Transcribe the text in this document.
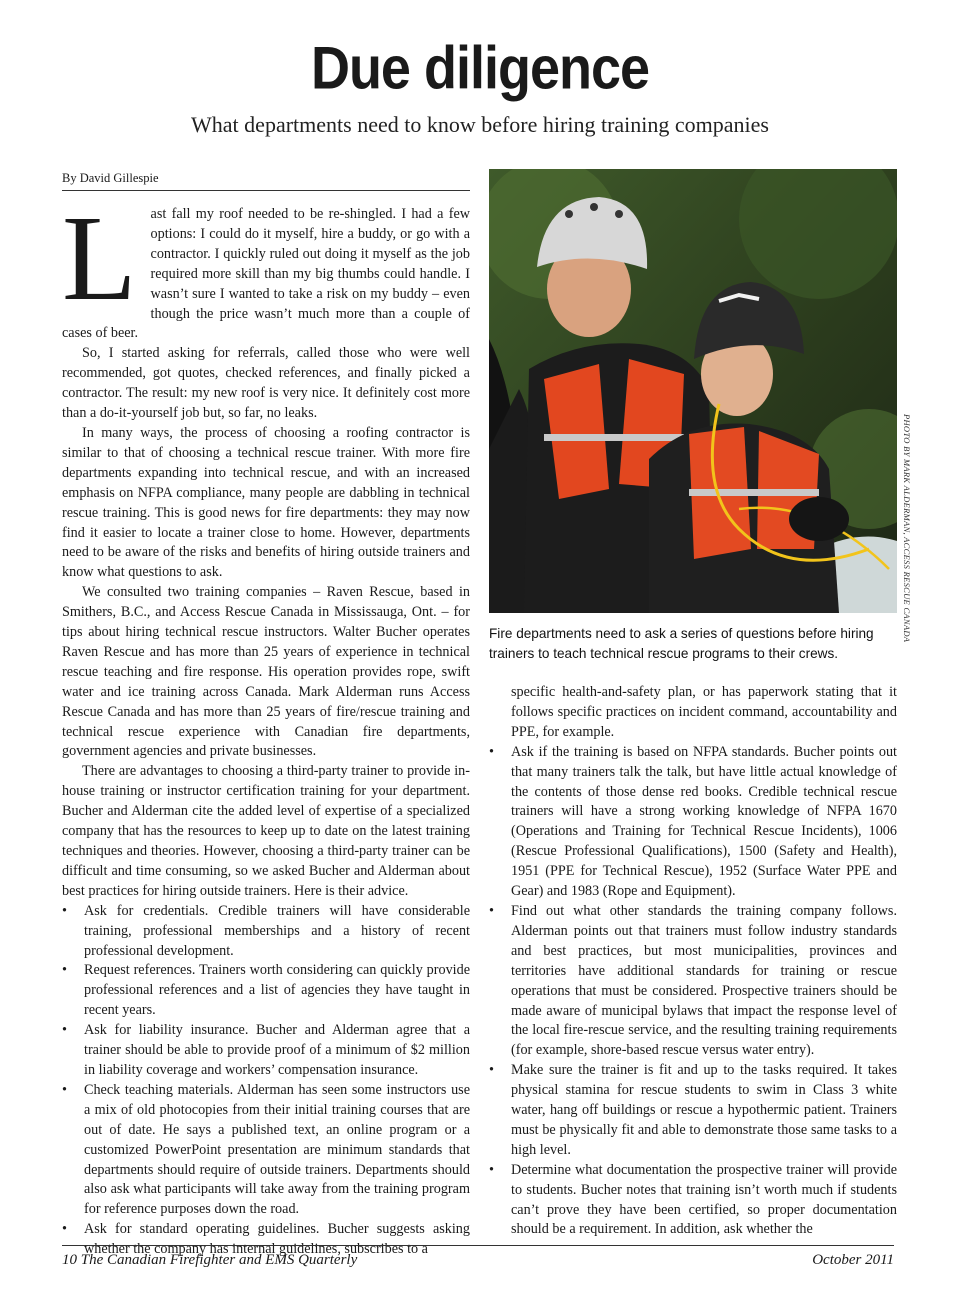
Due diligence
What departments need to know before hiring training companies
By David Gillespie

Last fall my roof needed to be re-shingled. I had a few options: I could do it myself, hire a buddy, or go with a contractor. I quickly ruled out doing it myself as the job required more skill than my big thumbs could handle. I wasn’t sure I wanted to take a risk on my buddy – even though the price wasn’t much more than a couple of cases of beer.

So, I started asking for referrals, called those who were well recommended, got quotes, checked references, and finally picked a contractor. The result: my new roof is very nice. It definitely cost more than a do-it-yourself job but, so far, no leaks.

In many ways, the process of choosing a roofing contractor is similar to that of choosing a technical rescue trainer. With more fire departments expanding into technical rescue, and with an increased emphasis on NFPA compliance, many people are dabbling in technical rescue training. This is good news for fire departments: they may now find it easier to locate a trainer close to home. However, departments need to be aware of the risks and benefits of hiring outside trainers and know what questions to ask.

We consulted two training companies – Raven Rescue, based in Smithers, B.C., and Access Rescue Canada in Mississauga, Ont. – for tips about hiring technical rescue instructors. Walter Bucher operates Raven Rescue and has more than 25 years of experience in technical rescue teaching and fire response. His operation provides rope, swift water and ice training across Canada. Mark Alderman runs Access Rescue Canada and has more than 25 years of fire/rescue training and technical rescue experience with Canadian fire departments, government agencies and private businesses.

There are advantages to choosing a third-party trainer to provide in-house training or instructor certification training for your department. Bucher and Alderman cite the added level of expertise of a specialized company that has the resources to keep up to date on the latest training techniques and theories. However, choosing a third-party trainer can be difficult and time consuming, so we asked Bucher and Alderman about best practices for hiring outside trainers. Here is their advice.

• Ask for credentials. Credible trainers will have considerable training, professional memberships and a history of recent professional development.
• Request references. Trainers worth considering can quickly provide professional references and a list of agencies they have taught in recent years.
• Ask for liability insurance. Bucher and Alderman agree that a trainer should be able to provide proof of a minimum of $2 million in liability coverage and workers’ compensation insurance.
• Check teaching materials. Alderman has seen some instructors use a mix of old photocopies from their initial training courses that are out of date. He says a published text, an online program or a customized PowerPoint presentation are minimum standards that departments should require of outside trainers. Departments should also ask what participants will take away from the training program for reference purposes down the road.
• Ask for standard operating guidelines. Bucher suggests asking whether the company has internal guidelines, subscribes to a
PHOTO BY MARK ALDERMAN, ACCESS RESCUE CANADA
Fire departments need to ask a series of questions before hiring trainers to teach technical rescue programs to their crews.

specific health-and-safety plan, or has paperwork stating that it follows specific practices on incident command, accountability and PPE, for example.

• Ask if the training is based on NFPA standards. Bucher points out that many trainers talk the talk, but have little actual knowledge of the contents of those dense red books. Credible technical rescue trainers will have a strong working knowledge of NFPA 1670 (Operations and Training for Technical Rescue Incidents), 1006 (Rescue Professional Qualifications), 1500 (Safety and Health), 1951 (PPE for Technical Rescue), 1952 (Surface Water PPE and Gear) and 1983 (Rope and Equipment).
• Find out what other standards the training company follows. Alderman points out that trainers must follow industry standards and best practices, but most municipalities, provinces and territories have additional standards for training or rescue operations that must be considered. Prospective trainers should be made aware of municipal bylaws that impact the response level of the local fire-rescue service, and the resulting training requirements (for example, shore-based rescue versus water entry).
• Make sure the trainer is fit and up to the tasks required. It takes physical stamina for rescue students to swim in Class 3 white water, hang off buildings or rescue a hypothermic patient. Trainers must be physically fit and able to demonstrate those same tasks to a high level.
• Determine what documentation the prospective trainer will provide to students. Bucher notes that training isn’t worth much if students can’t prove they have been certified, so proper documentation should be a requirement. In addition, ask whether the
10 The Canadian Firefighter and EMS Quarterly	October 2011
